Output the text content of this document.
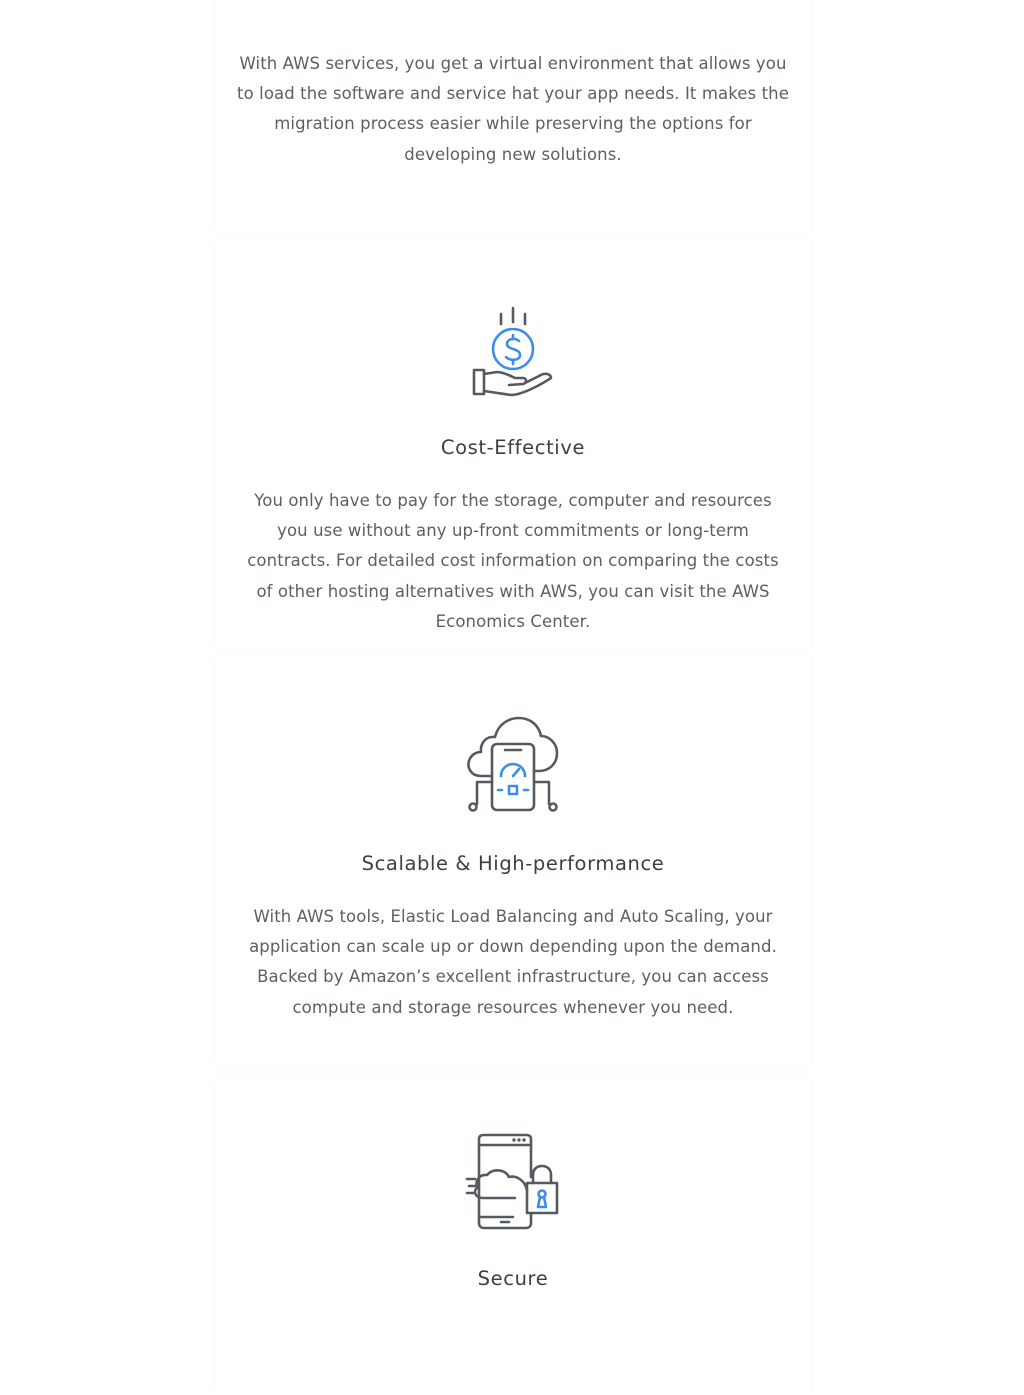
With AWS services, you get a virtual environment that allows you to load the software and service hat your app needs. It makes the migration process easier while preserving the options for developing new solutions.

Cost-Effective

You only have to pay for the storage, computer and resources you use without any up-front commitments or long-term contracts. For detailed cost information on comparing the costs of other hosting alternatives with AWS, you can visit the AWS Economics Center.

Scalable & High-performance

With AWS tools, Elastic Load Balancing and Auto Scaling, your application can scale up or down depending upon the demand. Backed by Amazon’s excellent infrastructure, you can access compute and storage resources whenever you need.

Secure
